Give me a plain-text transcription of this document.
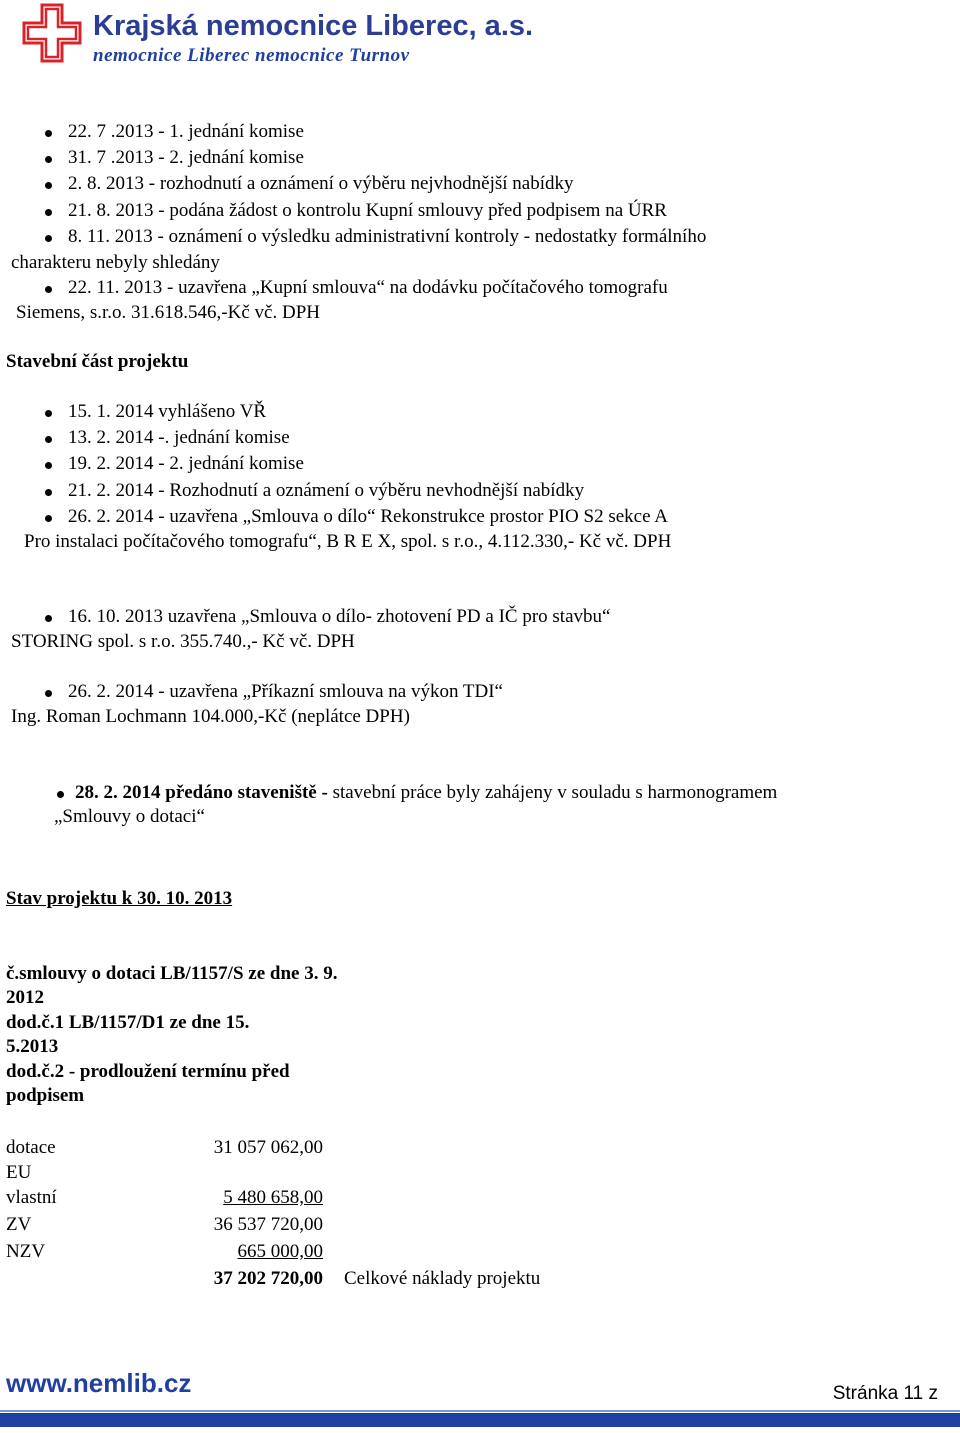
Krajská nemocnice Liberec, a.s.
nemocnice Liberec nemocnice Turnov
22. 7 .2013 - 1. jednání komise
31. 7 .2013 - 2. jednání komise
2. 8. 2013 - rozhodnutí a oznámení o výběru nejvhodnější nabídky
21. 8. 2013 - podána žádost o kontrolu Kupní smlouvy před podpisem na ÚRR
8. 11. 2013 - oznámení o výsledku administrativní kontroly - nedostatky formálního
charakteru nebyly shledány
22. 11. 2013 - uzavřena „Kupní smlouva“ na dodávku počítačového tomografu
Siemens, s.r.o. 31.618.546,-Kč vč. DPH
Stavební část projektu
15. 1. 2014 vyhlášeno VŘ
13. 2. 2014 -. jednání komise
19. 2. 2014 - 2. jednání komise
21. 2. 2014 - Rozhodnutí a oznámení o výběru nevhodnější nabídky
26. 2. 2014 - uzavřena „Smlouva o dílo“ Rekonstrukce prostor PIO S2 sekce A
Pro instalaci počítačového tomografu“, B R E X, spol. s r.o., 4.112.330,- Kč vč. DPH
16. 10. 2013 uzavřena „Smlouva o dílo- zhotovení PD a IČ pro stavbu“
STORING spol. s r.o. 355.740.,- Kč vč. DPH
26. 2. 2014 - uzavřena „Příkazní smlouva na výkon TDI“
Ing. Roman Lochmann 104.000,-Kč (neplátce DPH)
28. 2. 2014 předáno staveniště - stavební práce byly zahájeny v souladu s harmonogramem
„Smlouvy o dotaci“
Stav projektu k 30. 10. 2013
č.smlouvy o dotaci LB/1157/S ze dne 3. 9.
2012
dod.č.1 LB/1157/D1 ze dne 15.
5.2013
dod.č.2 - prodloužení termínu před
podpisem
dotace	31 057 062,00
EU
vlastní	5 480 658,00
ZV	36 537 720,00
NZV	665 000,00
37 202 720,00 Celkové náklady projektu
www.nemlib.cz	Stránka 11 z
